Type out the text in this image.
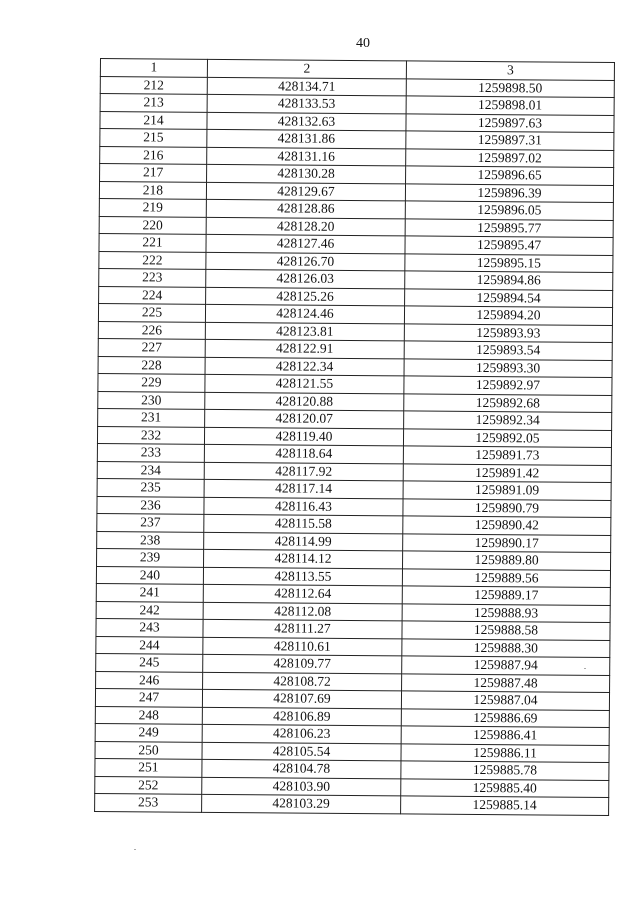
40
1	2	3
212	428134.71	1259898.50
213	428133.53	1259898.01
214	428132.63	1259897.63
215	428131.86	1259897.31
216	428131.16	1259897.02
217	428130.28	1259896.65
218	428129.67	1259896.39
219	428128.86	1259896.05
220	428128.20	1259895.77
221	428127.46	1259895.47
222	428126.70	1259895.15
223	428126.03	1259894.86
224	428125.26	1259894.54
225	428124.46	1259894.20
226	428123.81	1259893.93
227	428122.91	1259893.54
228	428122.34	1259893.30
229	428121.55	1259892.97
230	428120.88	1259892.68
231	428120.07	1259892.34
232	428119.40	1259892.05
233	428118.64	1259891.73
234	428117.92	1259891.42
235	428117.14	1259891.09
236	428116.43	1259890.79
237	428115.58	1259890.42
238	428114.99	1259890.17
239	428114.12	1259889.80
240	428113.55	1259889.56
241	428112.64	1259889.17
242	428112.08	1259888.93
243	428111.27	1259888.58
244	428110.61	1259888.30
245	428109.77	1259887.94
246	428108.72	1259887.48
247	428107.69	1259887.04
248	428106.89	1259886.69
249	428106.23	1259886.41
250	428105.54	1259886.11
251	428104.78	1259885.78
252	428103.90	1259885.40
253	428103.29	1259885.14
